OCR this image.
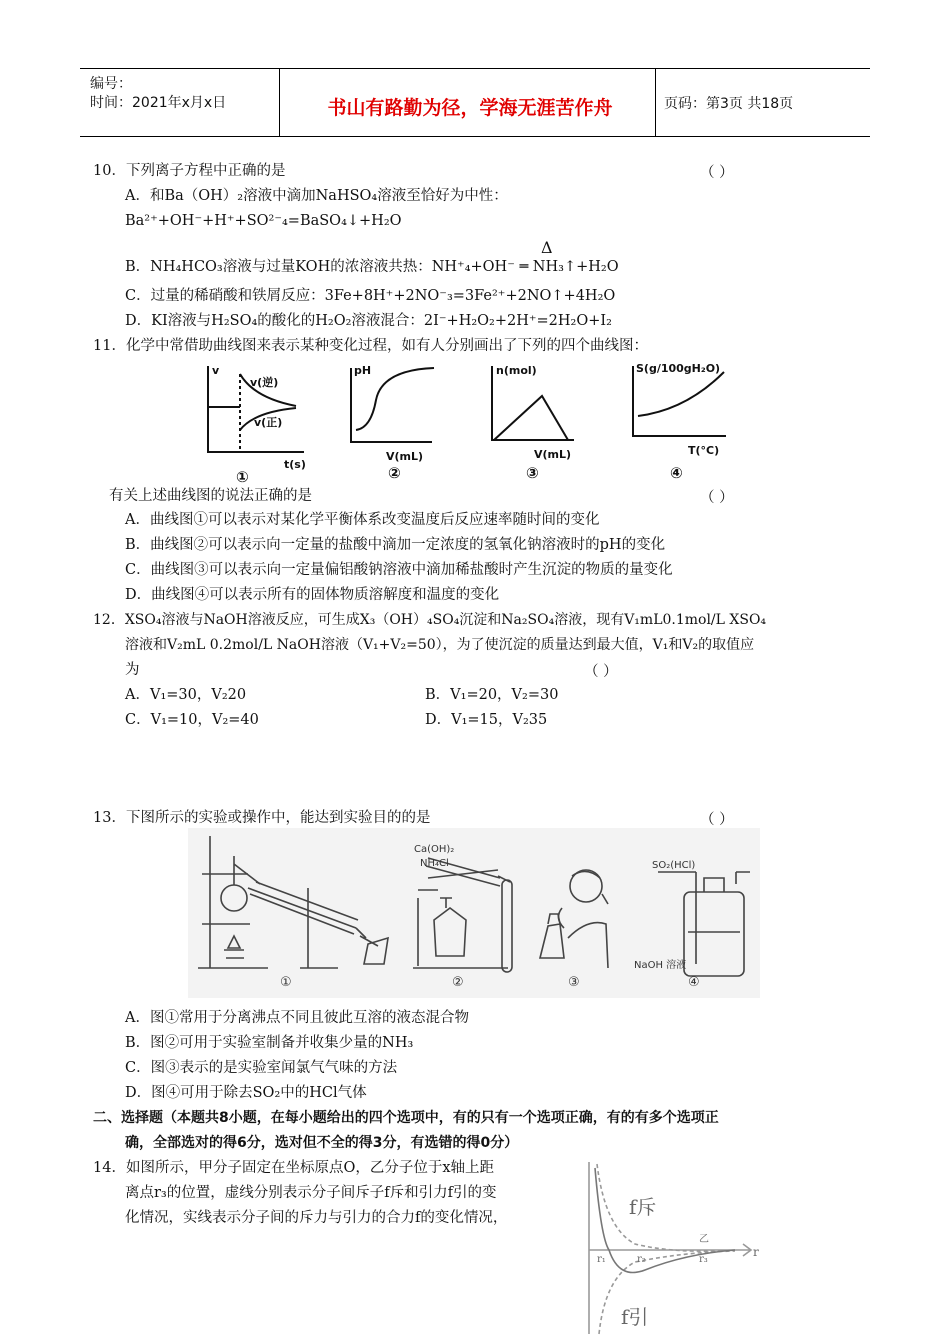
编号：
时间：2021年x月x日	书山有路勤为径，学海无涯苦作舟	页码：第3页 共18页
10．下列离子方程中正确的是	（ ）
A．和Ba（OH）₂溶液中滴加NaHSO₄溶液至恰好为中性：
Ba²⁺+OH⁻+H⁺+SO²⁻₄=BaSO₄↓+H₂O
Δ
B．NH₄HCO₃溶液与过量KOH的浓溶液共热：NH⁺₄+OH⁻ ═ NH₃↑+H₂O
C．过量的稀硝酸和铁屑反应：3Fe+8H⁺+2NO⁻₃=3Fe²⁺+2NO↑+4H₂O
D．KI溶液与H₂SO₄的酸化的H₂O₂溶液混合：2I⁻+H₂O₂+2H⁺=2H₂O+I₂
11．化学中常借助曲线图来表示某种变化过程，如有人分别画出了下列的四个曲线图：
v
v(逆)
v(正)
t(s)
①
pH
V(mL)
②
n(mol)
V(mL)
③
S(g/100gH₂O)
T(°C)
④
有关上述曲线图的说法正确的是	（ ）
A．曲线图①可以表示对某化学平衡体系改变温度后反应速率随时间的变化
B．曲线图②可以表示向一定量的盐酸中滴加一定浓度的氢氧化钠溶液时的pH的变化
C．曲线图③可以表示向一定量偏铝酸钠溶液中滴加稀盐酸时产生沉淀的物质的量变化
D．曲线图④可以表示所有的固体物质溶解度和温度的变化
12．XSO₄溶液与NaOH溶液反应，可生成X₃（OH）₄SO₄沉淀和Na₂SO₄溶液，现有V₁mL0.1mol/L XSO₄
溶液和V₂mL 0.2mol/L NaOH溶液（V₁+V₂=50），为了使沉淀的质量达到最大值，V₁和V₂的取值应
为	（ ）
A．V₁=30，V₂20	B．V₁=20，V₂=30
C．V₁=10，V₂=40	D．V₁=15，V₂35
13．下图所示的实验或操作中，能达到实验目的的是	（ ）
Ca(OH)₂
NH₄Cl	SO₂(HCl)
NaOH 溶液
①	②	③	④
A．图①常用于分离沸点不同且彼此互溶的液态混合物
B．图②可用于实验室制备并收集少量的NH₃
C．图③表示的是实验室闻氯气气味的方法
D．图④可用于除去SO₂中的HCl气体
二、选择题（本题共8小题，在每小题给出的四个选项中，有的只有一个选项正确，有的有多个选项正
确，全部选对的得6分，选对但不全的得3分，有选错的得0分）
14．如图所示，甲分子固定在坐标原点O，乙分子位于x轴上距
离点r₃的位置，虚线分别表示分子间斥子f斥和引力f引的变
化情况，实线表示分子间的斥力与引力的合力f的变化情况，	f斥
f引
r
乙
r₁	r₂	r₃
